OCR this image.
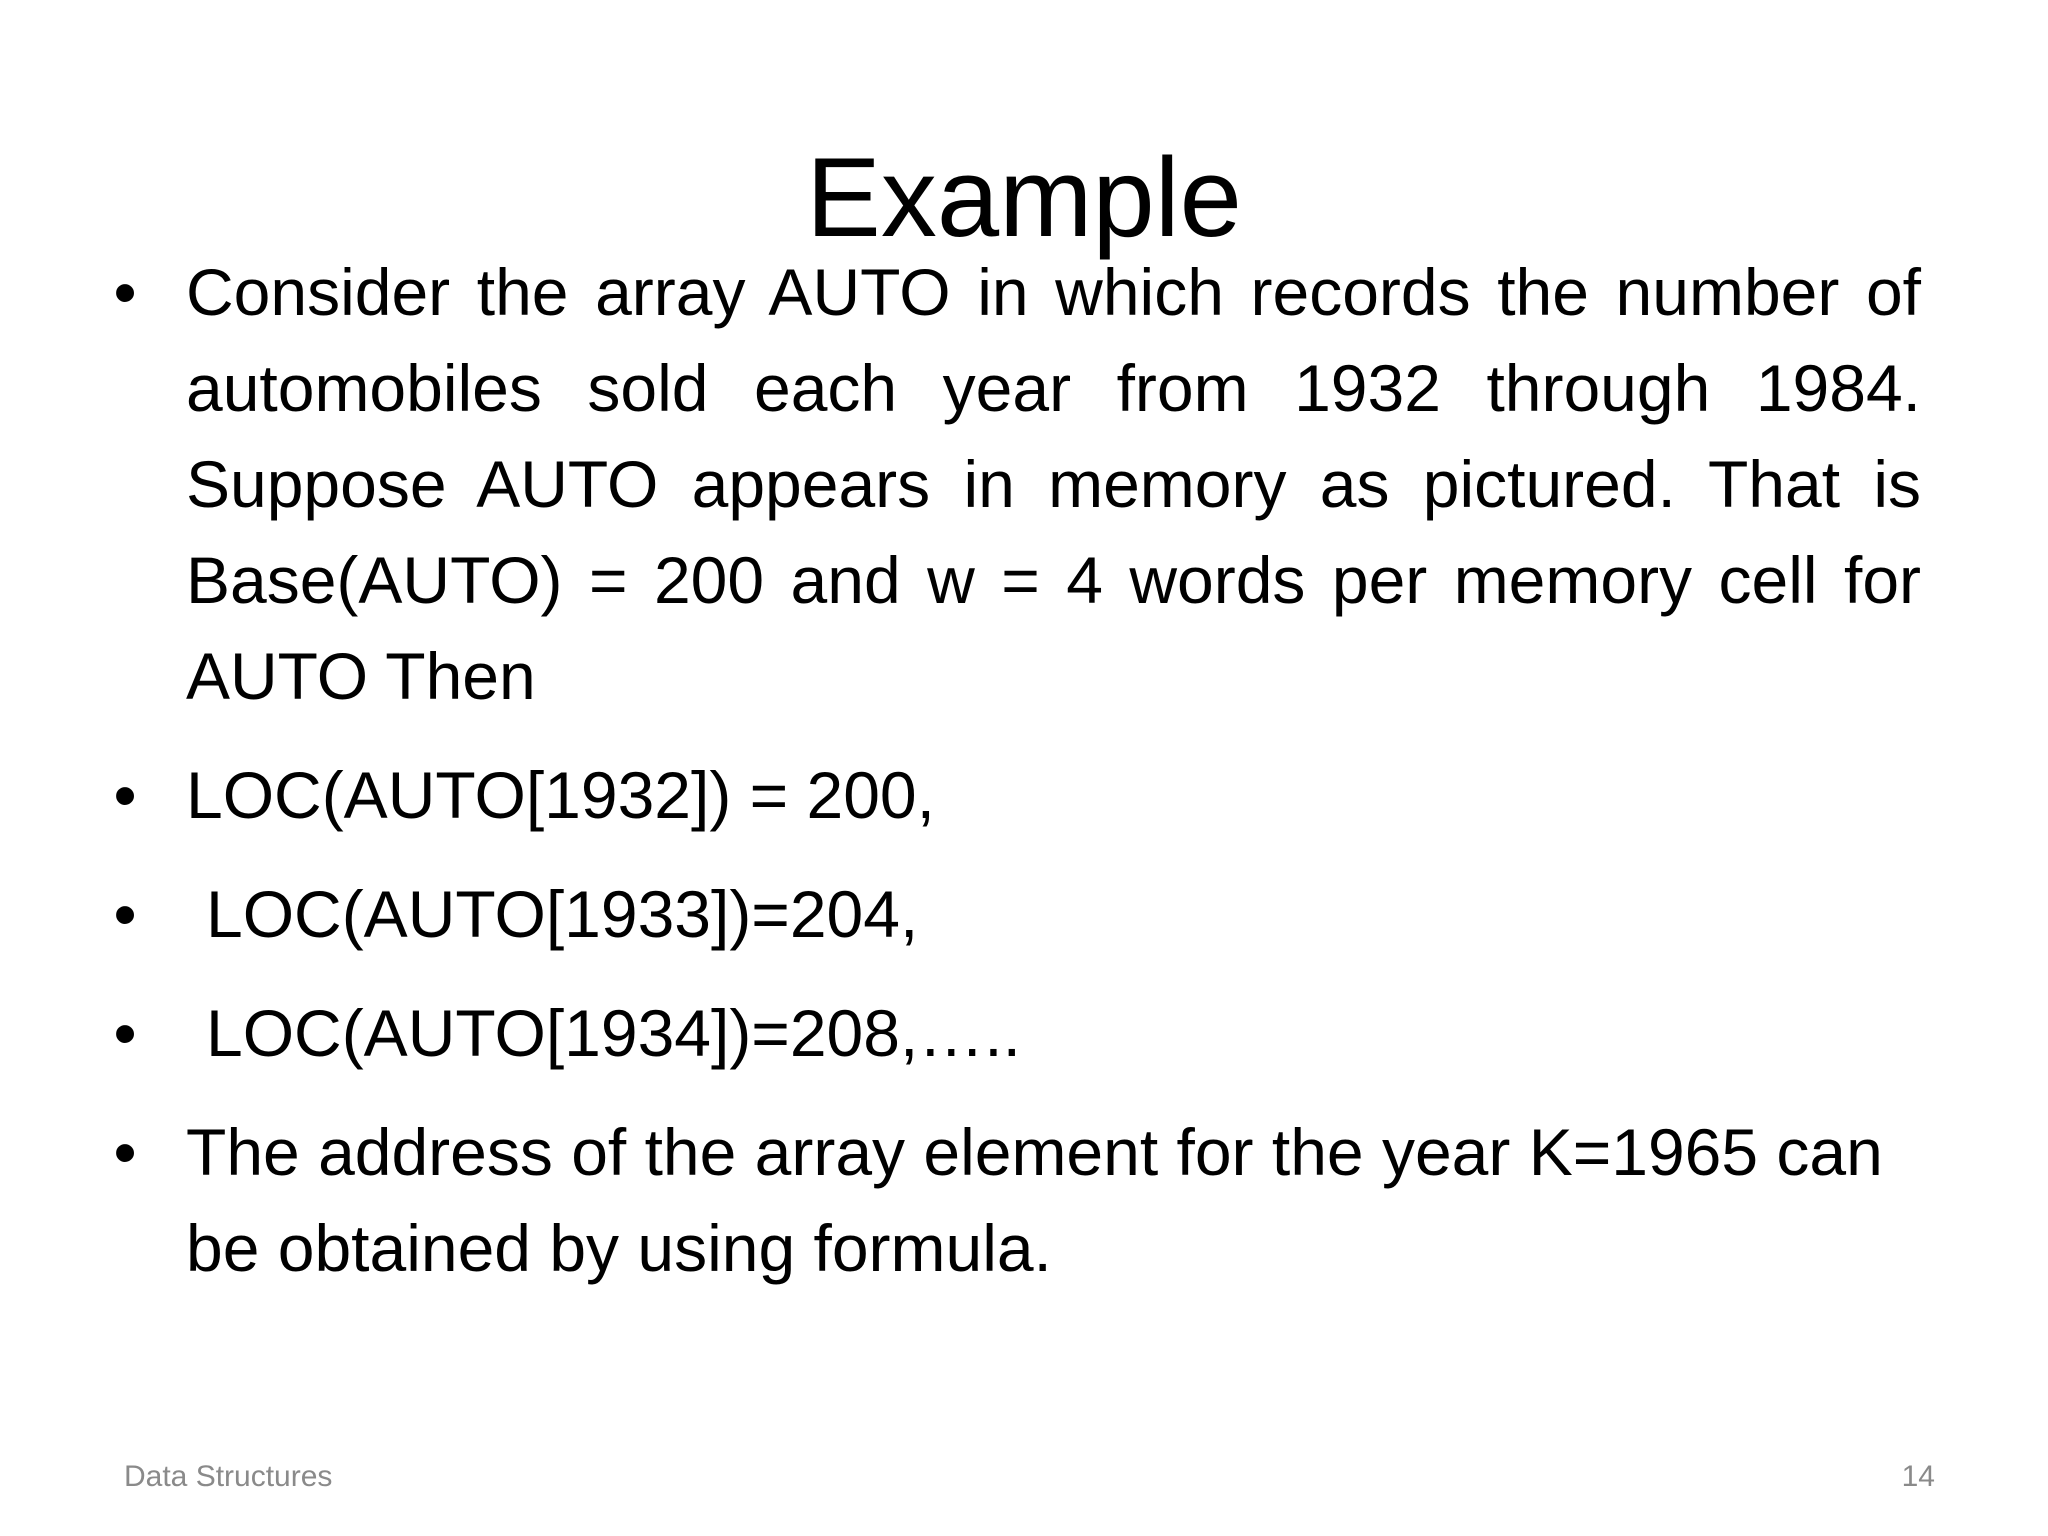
Example
• Consider the array AUTO in which records the number of automobiles sold each year from 1932 through 1984. Suppose AUTO appears in memory as pictured. That is Base(AUTO) = 200 and w = 4 words per memory cell for AUTO Then
• LOC(AUTO[1932]) = 200,
•	LOC(AUTO[1933])=204,
•	LOC(AUTO[1934])=208,…..
• The address of the array element for the year K=1965 can be obtained by using formula.
Data Structures	14
